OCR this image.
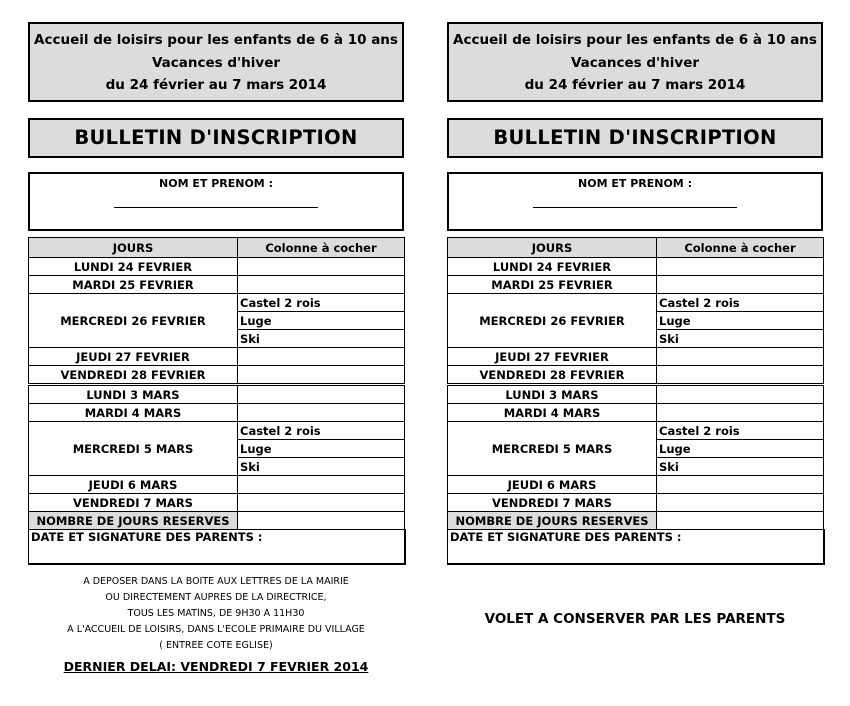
Accueil de loisirs pour les enfants de 6 à 10 ans
Vacances d'hiver
du 24 février au 7 mars 2014
BULLETIN D'INSCRIPTION
NOM ET PRENOM :
JOURS	Colonne à cocher
LUNDI 24 FEVRIER	
MARDI 25 FEVRIER	
MERCREDI 26 FEVRIER	Castel 2 rois
	Luge
	Ski
JEUDI 27 FEVRIER	
VENDREDI 28 FEVRIER	
LUNDI 3 MARS	
MARDI 4 MARS	
MERCREDI 5 MARS	Castel 2 rois
	Luge
	Ski
JEUDI 6 MARS	
VENDREDI 7 MARS	
NOMBRE DE JOURS RESERVES	
DATE ET SIGNATURE DES PARENTS :	
A DEPOSER DANS LA BOITE AUX LETTRES DE LA MAIRIE
OU DIRECTEMENT AUPRES DE LA DIRECTRICE,
TOUS LES MATINS, DE 9H30 A 11H30
A L'ACCUEIL DE LOISIRS, DANS L'ECOLE PRIMAIRE DU VILLAGE
( ENTREE COTE EGLISE)
DERNIER DELAI: VENDREDI 7 FEVRIER 2014
Accueil de loisirs pour les enfants de 6 à 10 ans
Vacances d'hiver
du 24 février au 7 mars 2014
BULLETIN D'INSCRIPTION
NOM ET PRENOM :
JOURS	Colonne à cocher
LUNDI 24 FEVRIER	
MARDI 25 FEVRIER	
MERCREDI 26 FEVRIER	Castel 2 rois
	Luge
	Ski
JEUDI 27 FEVRIER	
VENDREDI 28 FEVRIER	
LUNDI 3 MARS	
MARDI 4 MARS	
MERCREDI 5 MARS	Castel 2 rois
	Luge
	Ski
JEUDI 6 MARS	
VENDREDI 7 MARS	
NOMBRE DE JOURS RESERVES	
DATE ET SIGNATURE DES PARENTS :	
VOLET A CONSERVER PAR LES PARENTS
